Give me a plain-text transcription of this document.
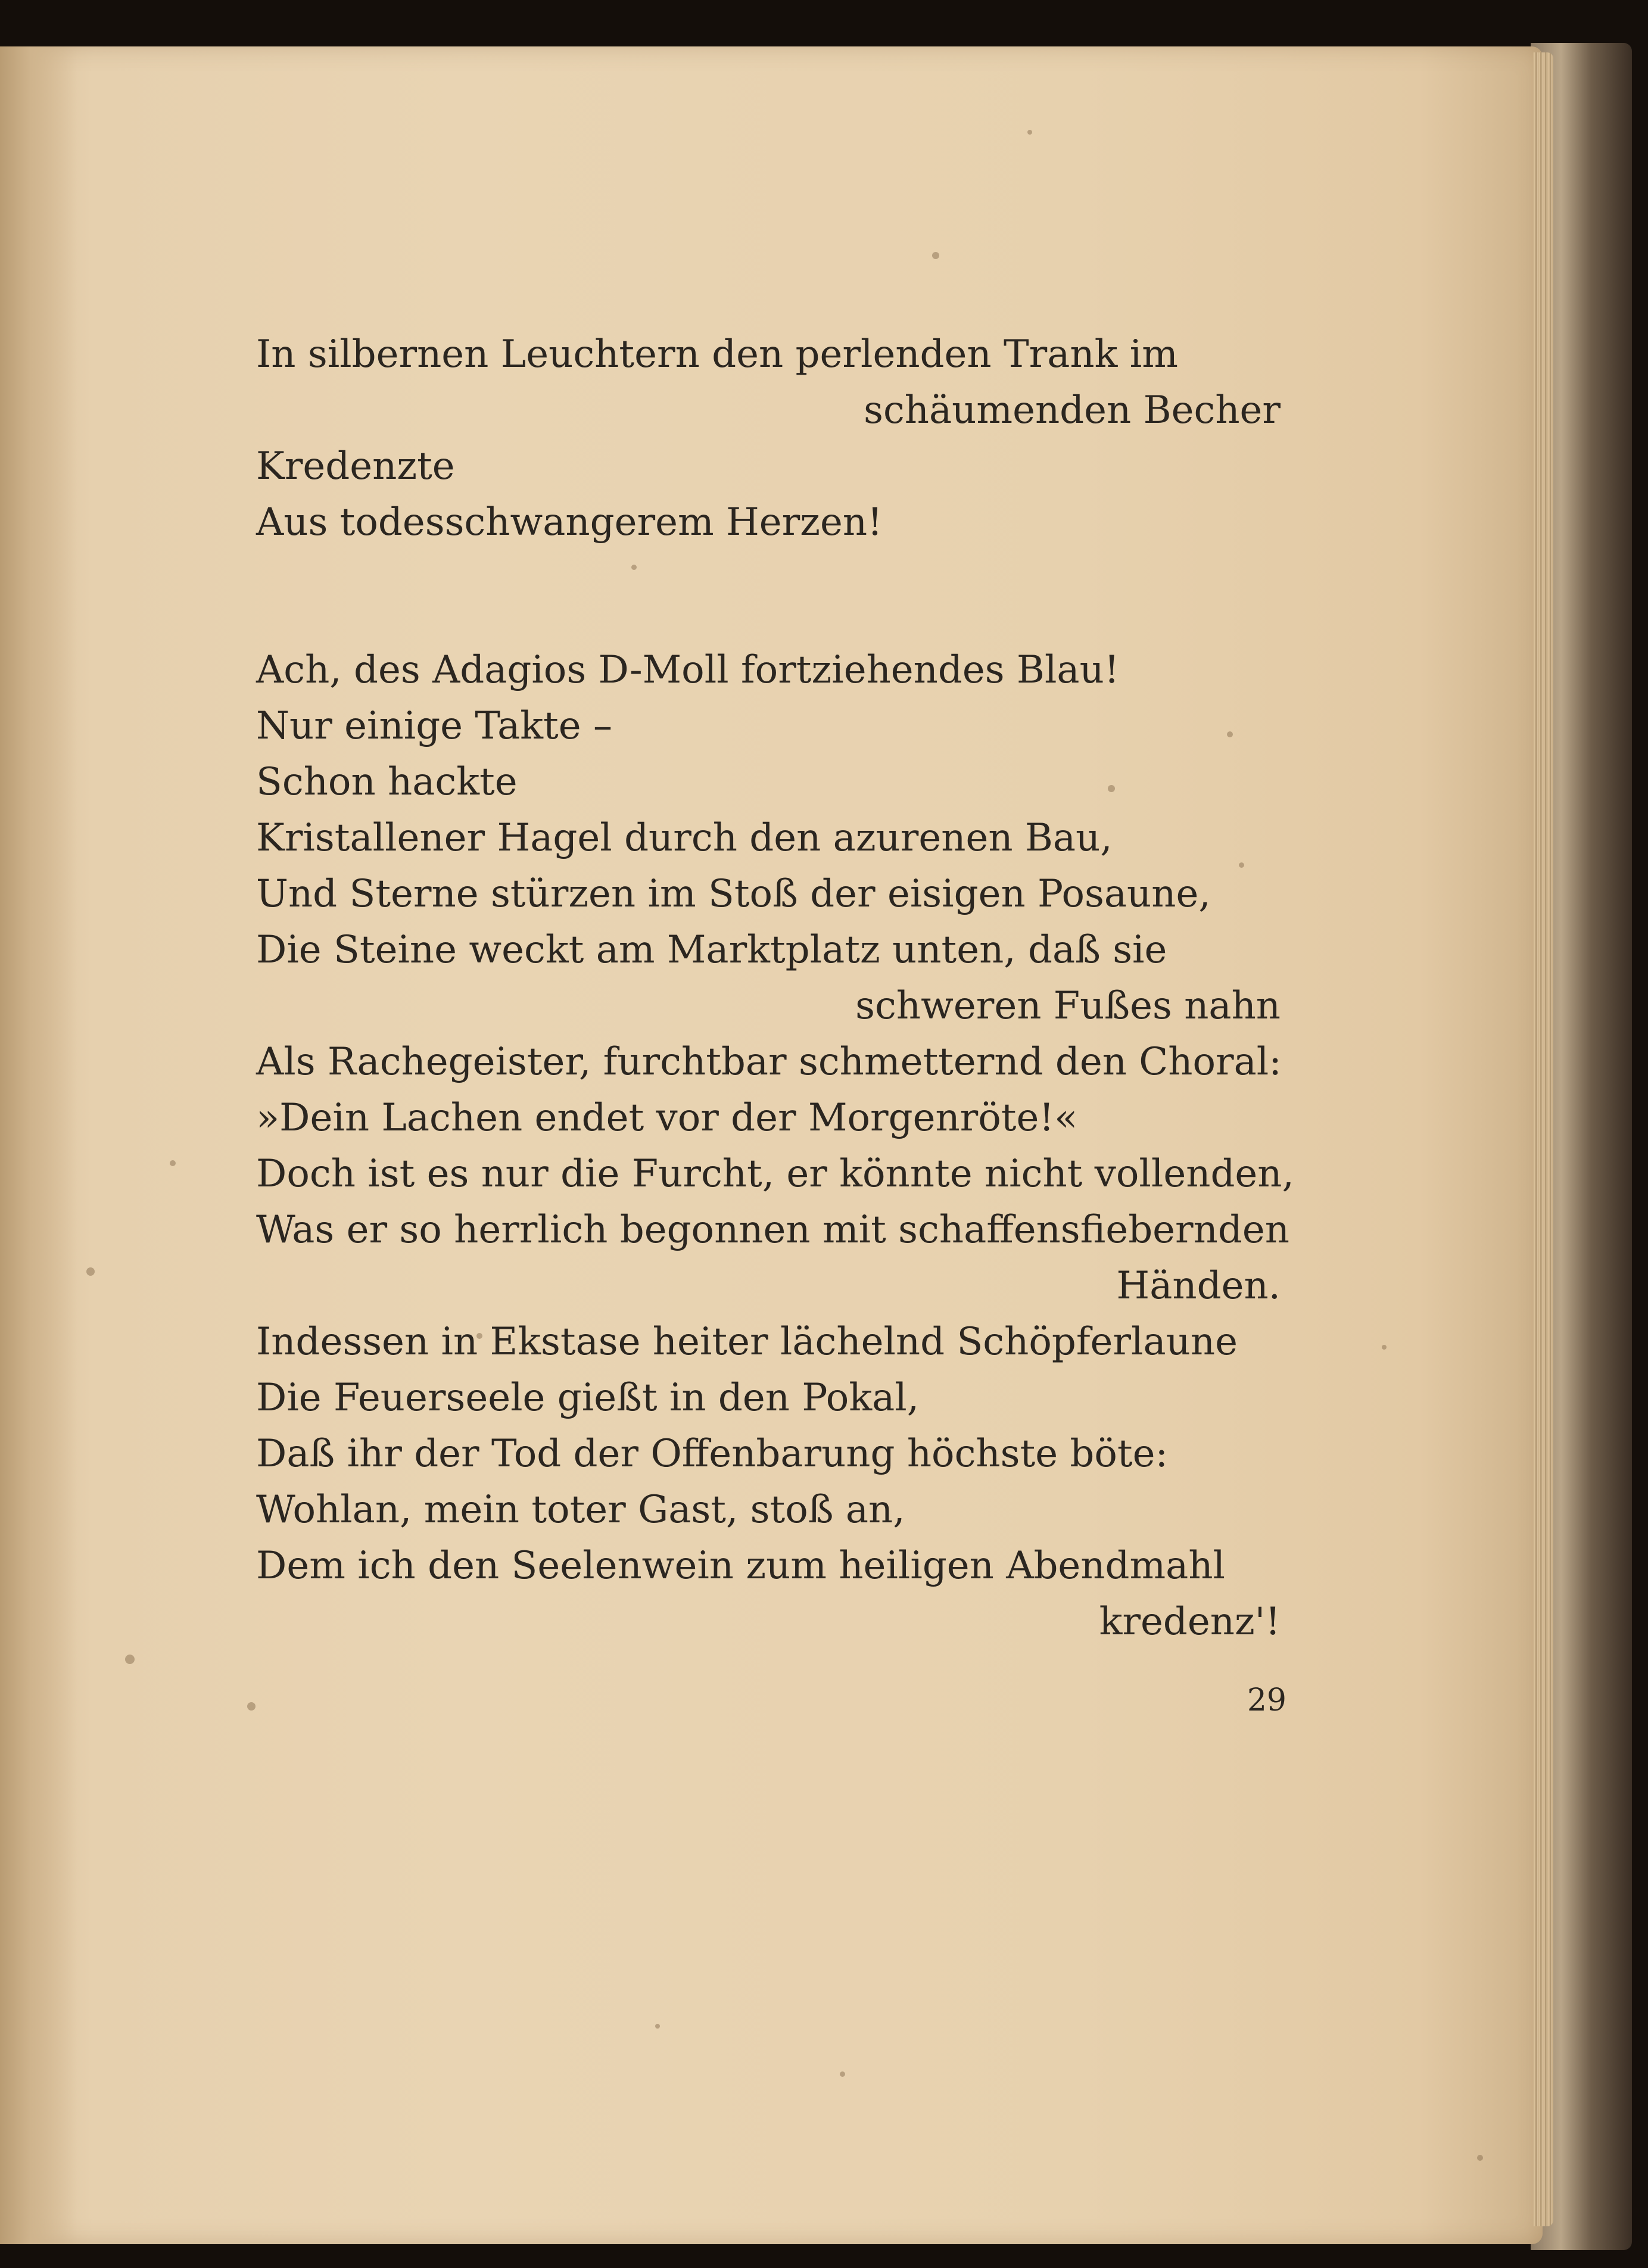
In silbernen Leuchtern den perlenden Trank im
schäumenden Becher
Kredenzte
Aus todesschwangerem Herzen!
Ach, des Adagios D-Moll fortziehendes Blau!
Nur einige Takte –
Schon hackte
Kristallener Hagel durch den azurenen Bau,
Und Sterne stürzen im Stoß der eisigen Posaune,
Die Steine weckt am Marktplatz unten, daß sie
schweren Fußes nahn
Als Rachegeister, furchtbar schmetternd den Choral:
»Dein Lachen endet vor der Morgenröte!«
Doch ist es nur die Furcht, er könnte nicht vollenden,
Was er so herrlich begonnen mit schaffensfiebernden
Händen.
Indessen in Ekstase heiter lächelnd Schöpferlaune
Die Feuerseele gießt in den Pokal,
Daß ihr der Tod der Offenbarung höchste böte:
Wohlan, mein toter Gast, stoß an,
Dem ich den Seelenwein zum heiligen Abendmahl
kredenz'!
29
